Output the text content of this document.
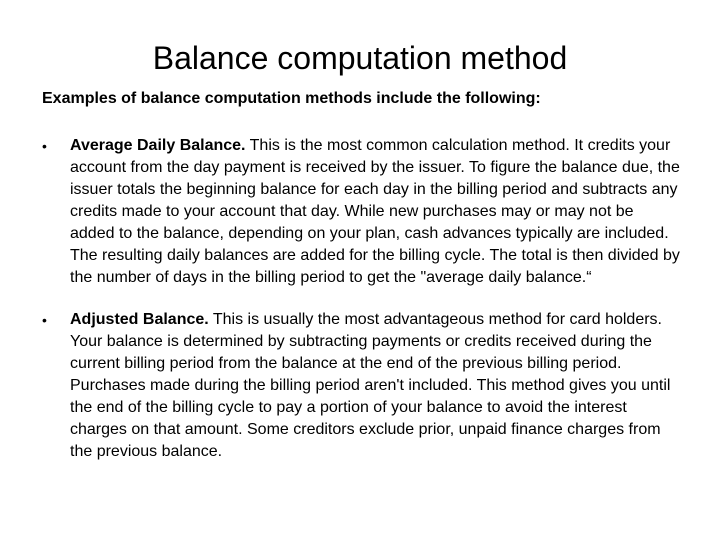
Balance computation method

Examples of balance computation methods include the following:

• Average Daily Balance. This is the most common calculation method. It credits your account from the day payment is received by the issuer. To figure the balance due, the issuer totals the beginning balance for each day in the billing period and subtracts any credits made to your account that day. While new purchases may or may not be added to the balance, depending on your plan, cash advances typically are included. The resulting daily balances are added for the billing cycle. The total is then divided by the number of days in the billing period to get the "average daily balance.“
• Adjusted Balance. This is usually the most advantageous method for card holders. Your balance is determined by subtracting payments or credits received during the current billing period from the balance at the end of the previous billing period. Purchases made during the billing period aren't included. This method gives you until the end of the billing cycle to pay a portion of your balance to avoid the interest charges on that amount. Some creditors exclude prior, unpaid finance charges from the previous balance.
